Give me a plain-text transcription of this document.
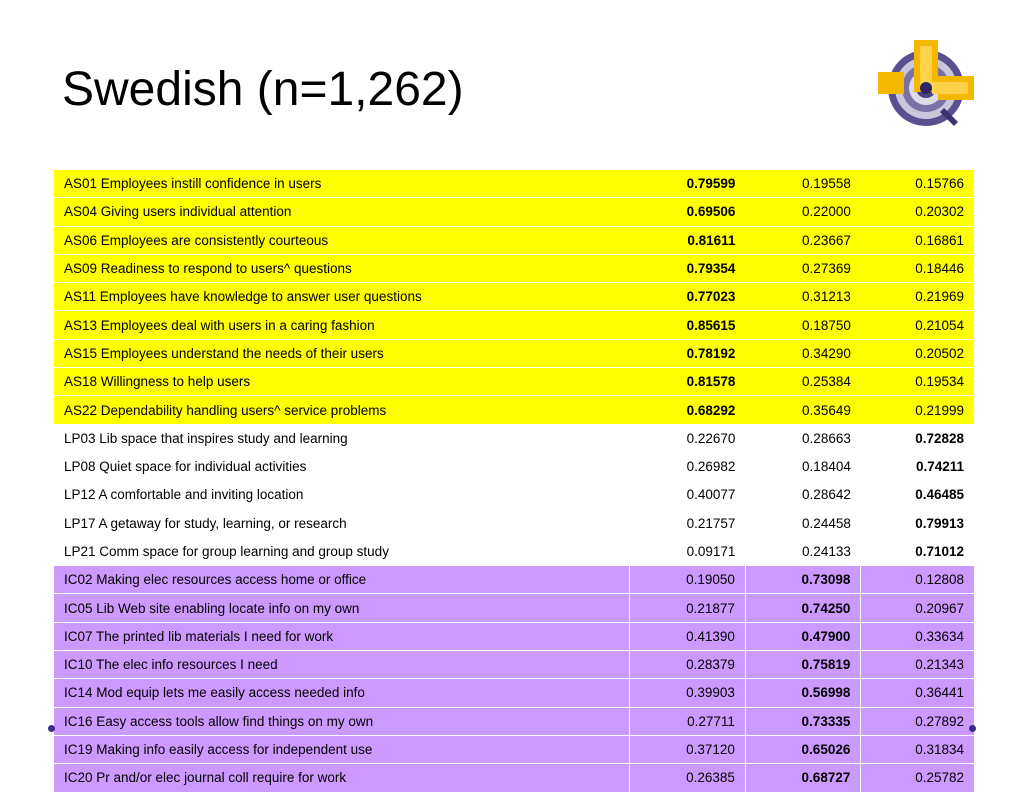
Swedish (n=1,262)
AS01 Employees instill confidence in users	0.79599	0.19558	0.15766
AS04 Giving users individual attention	0.69506	0.22000	0.20302
AS06 Employees are consistently courteous	0.81611	0.23667	0.16861
AS09 Readiness to respond to users^ questions	0.79354	0.27369	0.18446
AS11 Employees have knowledge to answer user questions	0.77023	0.31213	0.21969
AS13 Employees deal with users in a caring fashion	0.85615	0.18750	0.21054
AS15 Employees understand the needs of their users	0.78192	0.34290	0.20502
AS18 Willingness to help users	0.81578	0.25384	0.19534
AS22 Dependability handling users^ service problems	0.68292	0.35649	0.21999
LP03 Lib space that inspires study and learning	0.22670	0.28663	0.72828
LP08 Quiet space for individual activities	0.26982	0.18404	0.74211
LP12 A comfortable and inviting location	0.40077	0.28642	0.46485
LP17 A getaway for study, learning, or research	0.21757	0.24458	0.79913
LP21 Comm space for group learning and group study	0.09171	0.24133	0.71012
IC02 Making elec resources access home or office	0.19050	0.73098	0.12808
IC05 Lib Web site enabling locate info on my own	0.21877	0.74250	0.20967
IC07 The printed lib materials I need for work	0.41390	0.47900	0.33634
IC10 The elec info resources I need	0.28379	0.75819	0.21343
IC14 Mod equip lets me easily access needed info	0.39903	0.56998	0.36441
IC16 Easy access tools allow find things on my own	0.27711	0.73335	0.27892
IC19 Making info easily access for independent use	0.37120	0.65026	0.31834
IC20 Pr and/or elec journal coll require for work	0.26385	0.68727	0.25782
